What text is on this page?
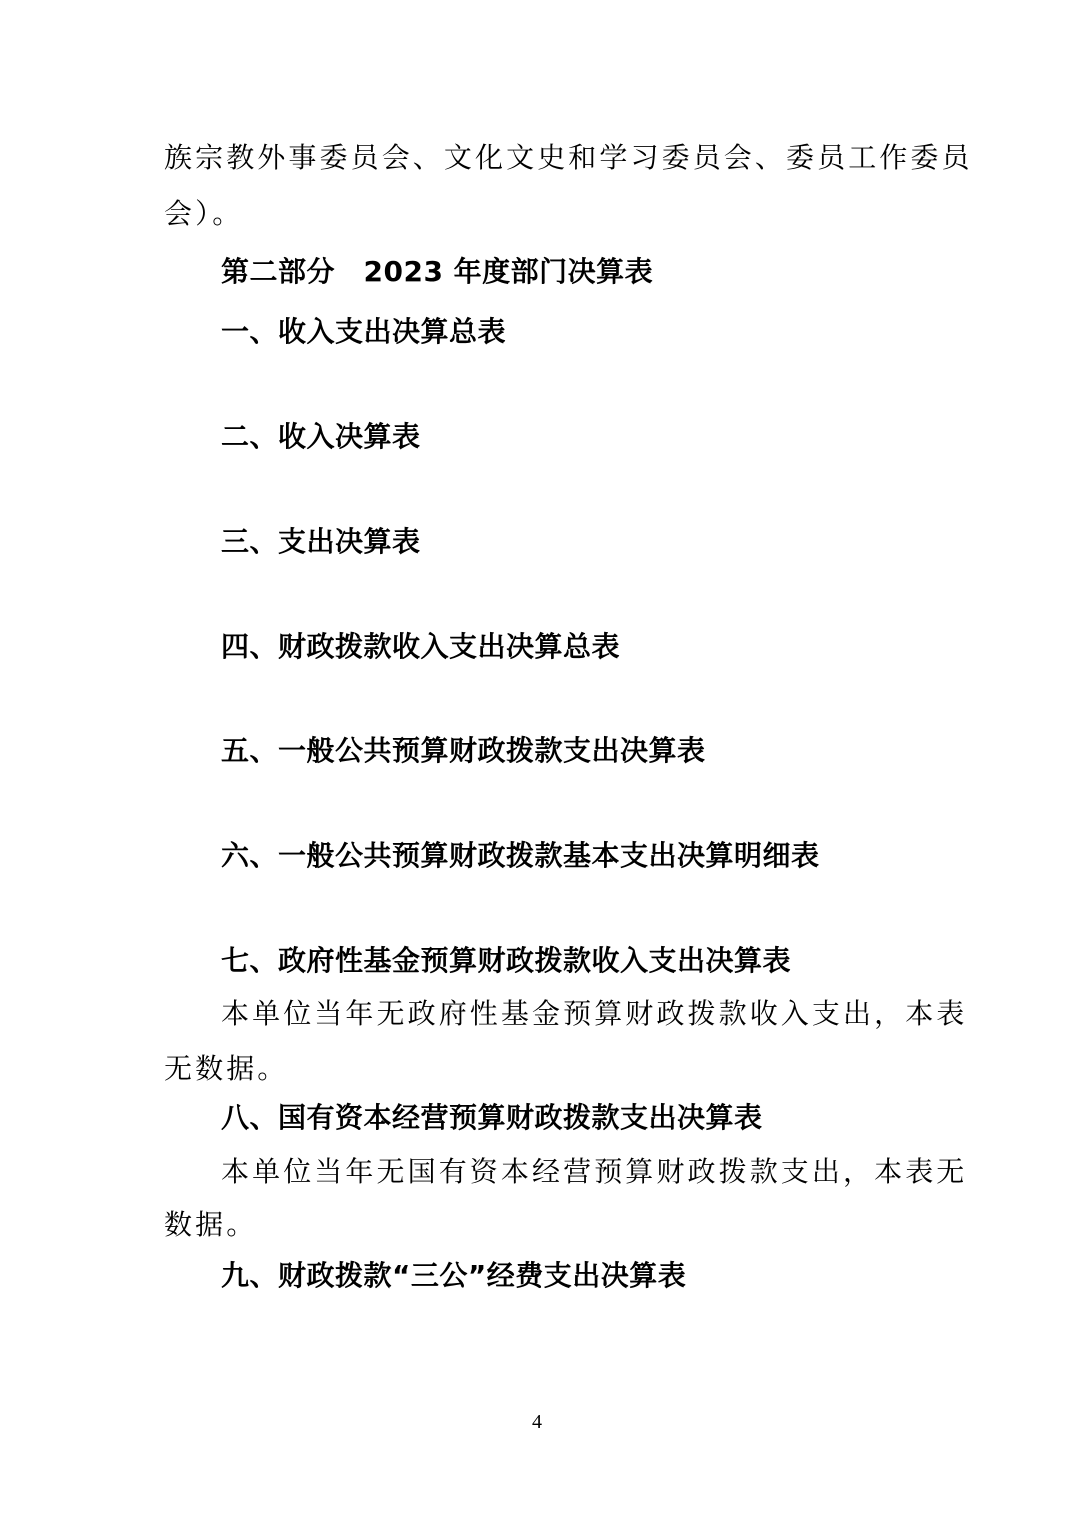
族宗教外事委员会、文化文史和学习委员会、委员工作委员
会）。
第二部分　2023 年度部门决算表
一、收入支出决算总表
二、收入决算表
三、支出决算表
四、财政拨款收入支出决算总表
五、一般公共预算财政拨款支出决算表
六、一般公共预算财政拨款基本支出决算明细表
七、政府性基金预算财政拨款收入支出决算表
本单位当年无政府性基金预算财政拨款收入支出，本表
无数据。
八、国有资本经营预算财政拨款支出决算表
本单位当年无国有资本经营预算财政拨款支出，本表无
数据。
九、财政拨款“三公”经费支出决算表
4
